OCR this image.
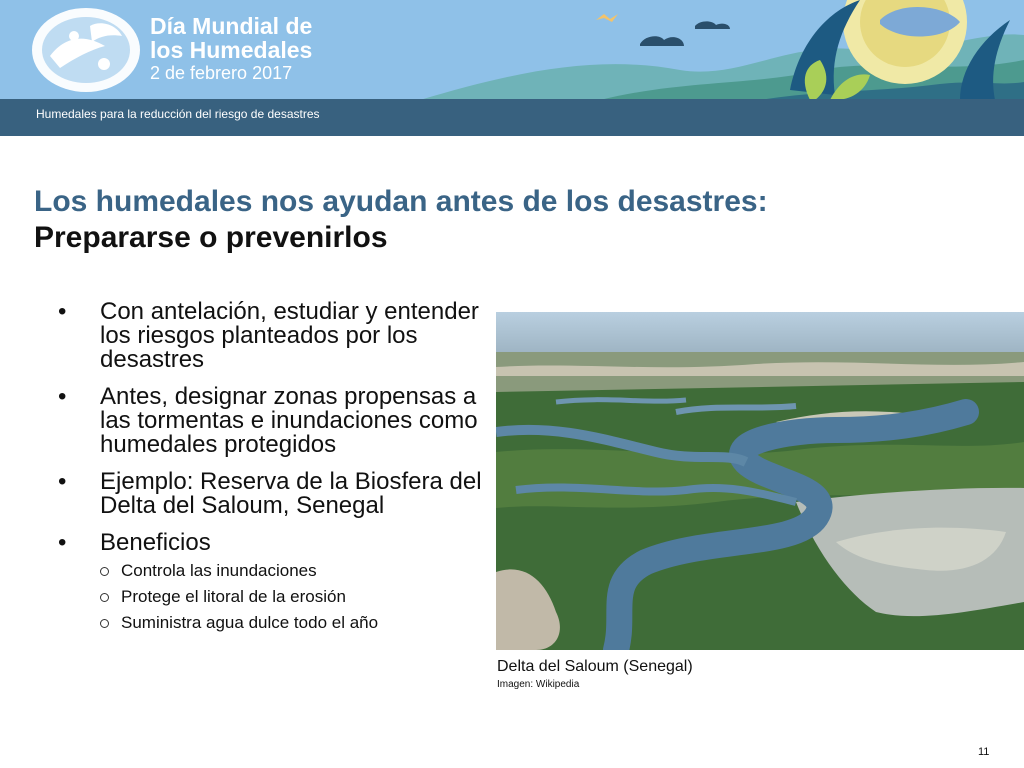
Día Mundial de
los Humedales
2 de febrero 2017
Humedales para la reducción del riesgo de desastres
Los humedales nos ayudan antes de los desastres:
Prepararse o prevenirlos
• Con antelación, estudiar y entender los riesgos planteados por los desastres
• Antes, designar zonas propensas a las tormentas e inundaciones como humedales protegidos
• Ejemplo: Reserva de la Biosfera del Delta del Saloum, Senegal
• Beneficios
Controla las inundaciones
Protege el litoral de la erosión
Suministra agua dulce todo el año
Delta del Saloum (Senegal)
Imagen: Wikipedia
11
